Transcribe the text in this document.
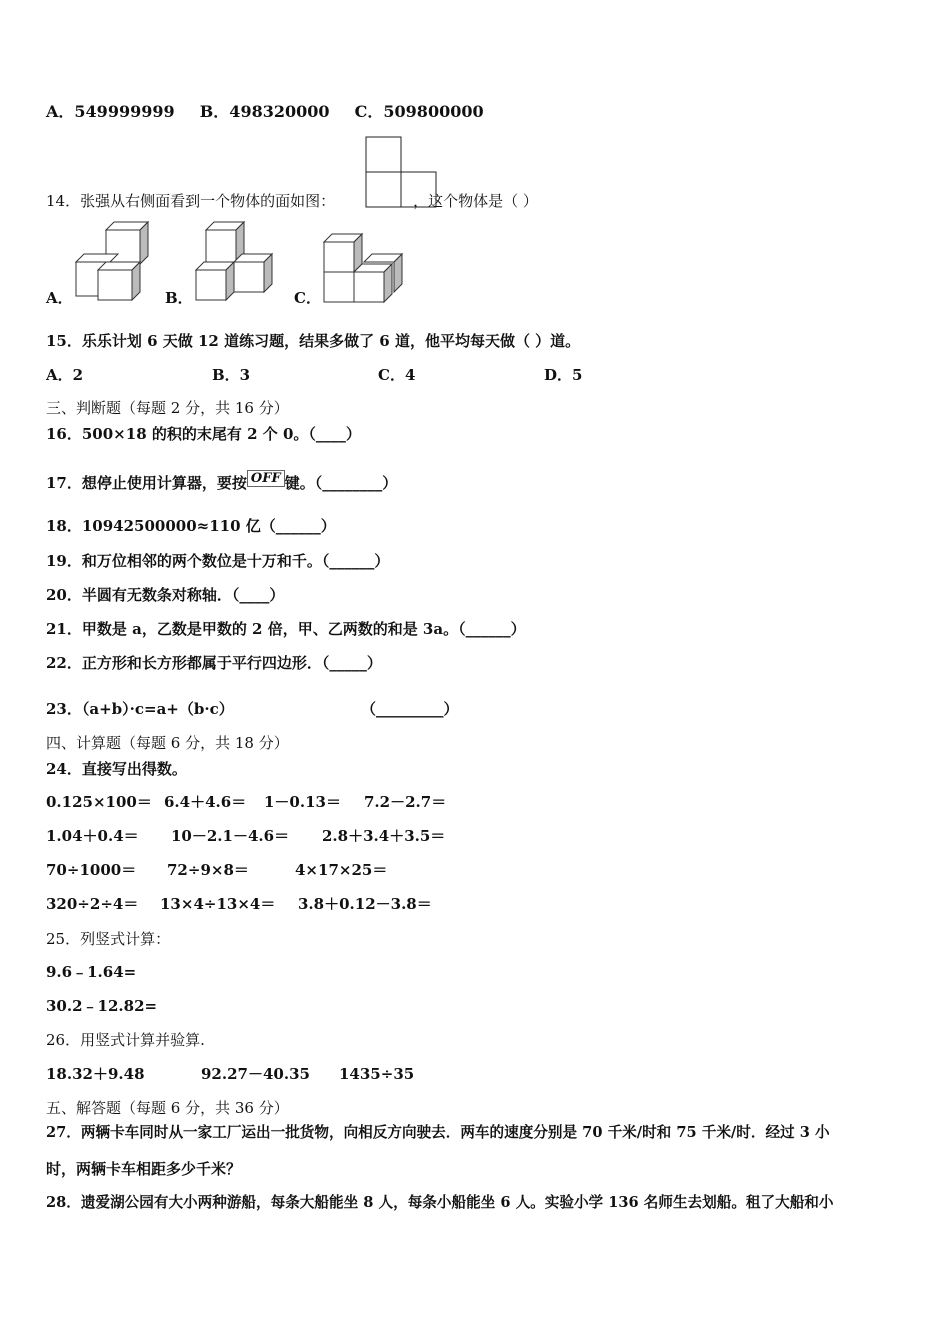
A．549999999 B．498320000 C．509800000
14．张强从右侧面看到一个物体的面如图：	，这个物体是（ ）
A．	B．	C．
15．乐乐计划 6 天做 12 道练习题，结果多做了 6 道，他平均每天做（ ）道。
A．2	B．3	C．4	D．5
三、判断题（每题 2 分，共 16 分）
16．500×18 的积的末尾有 2 个 0。（____）
17．想停止使用计算器，要按 OFF 键。（________）
18．10942500000≈110 亿（______）
19．和万位相邻的两个数位是十万和千。（______）
20．半圆有无数条对称轴．（____）
21．甲数是 a，乙数是甲数的 2 倍，甲、乙两数的和是 3a。（______）
22．正方形和长方形都属于平行四边形．（_____）
23．（a+b）·c=a+（b·c）	（_________）
四、计算题（每题 6 分，共 18 分）
24．直接写出得数。
0.125×100＝ 6.4＋4.6＝ 1－0.13＝ 7.2－2.7＝
1.04＋0.4＝ 10－2.1－4.6＝ 2.8＋3.4＋3.5＝
70÷1000＝ 72÷9×8＝	4×17×25＝
320÷2÷4＝ 13×4÷13×4＝ 3.8＋0.12－3.8＝
25．列竖式计算：
9.6﹣1.64=
30.2﹣12.82=
26．用竖式计算并验算.
18.32＋9.48	92.27－40.35 1435÷35
五、解答题（每题 6 分，共 36 分）
27．两辆卡车同时从一家工厂运出一批货物，向相反方向驶去．两车的速度分别是 70 千米/时和 75 千米/时．经过 3 小
时，两辆卡车相距多少千米？
28．遗爱湖公园有大小两种游船，每条大船能坐 8 人，每条小船能坐 6 人。实验小学 136 名师生去划船。租了大船和小
